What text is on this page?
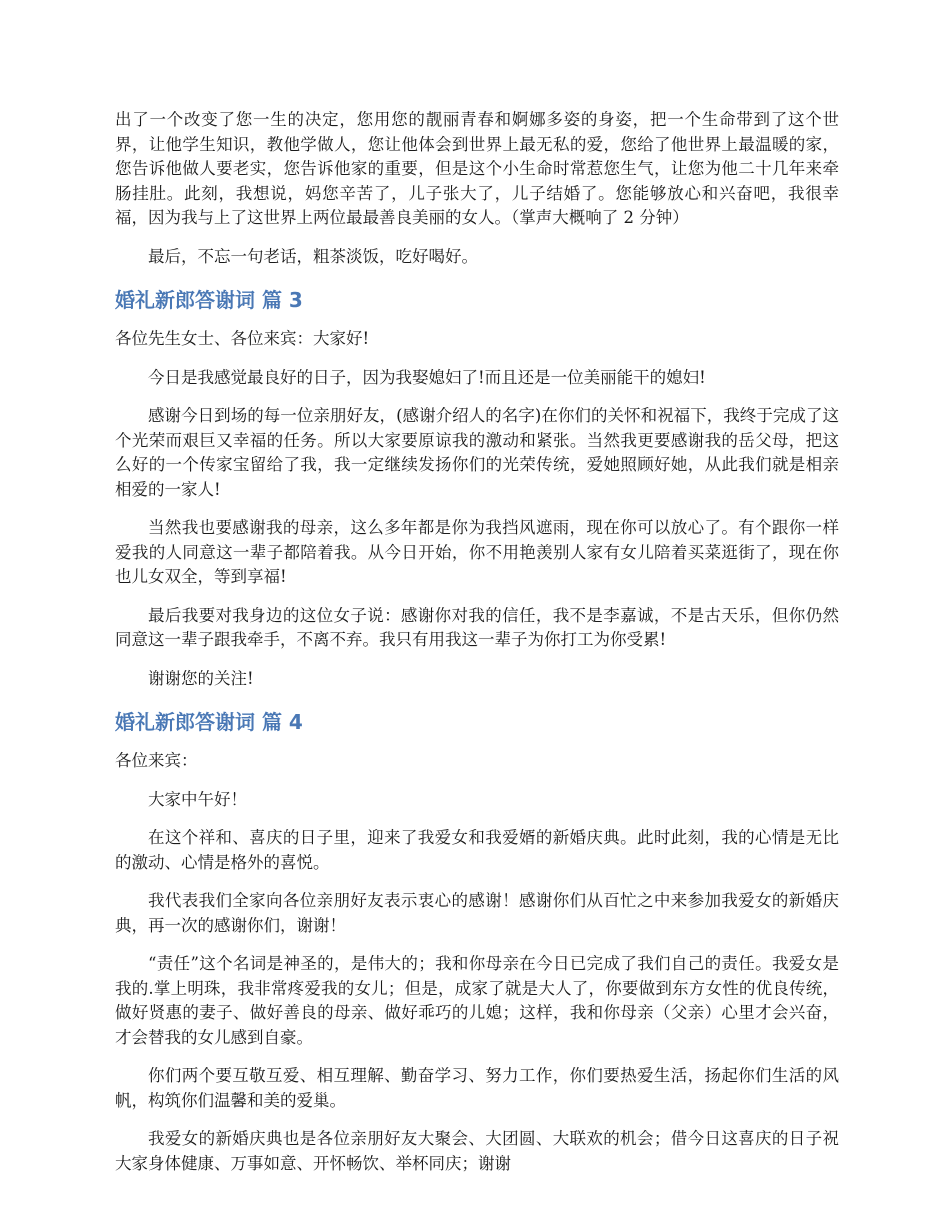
出了一个改变了您一生的决定，您用您的靓丽青春和婀娜多姿的身姿，把一个生命带到了这个世界，让他学生知识，教他学做人，您让他体会到世界上最无私的爱，您给了他世界上最温暖的家，您告诉他做人要老实，您告诉他家的重要，但是这个小生命时常惹您生气，让您为他二十几年来牵肠挂肚。此刻，我想说，妈您辛苦了，儿子张大了，儿子结婚了。您能够放心和兴奋吧，我很幸福，因为我与上了这世界上两位最最善良美丽的女人。（掌声大概响了 2 分钟）

最后，不忘一句老话，粗茶淡饭，吃好喝好。

婚礼新郎答谢词 篇 3

各位先生女士、各位来宾：大家好!

今日是我感觉最良好的日子，因为我娶媳妇了!而且还是一位美丽能干的媳妇!

感谢今日到场的每一位亲朋好友，(感谢介绍人的名字)在你们的关怀和祝福下，我终于完成了这个光荣而艰巨又幸福的任务。所以大家要原谅我的激动和紧张。当然我更要感谢我的岳父母，把这么好的一个传家宝留给了我，我一定继续发扬你们的光荣传统，爱她照顾好她，从此我们就是相亲相爱的一家人!

当然我也要感谢我的母亲，这么多年都是你为我挡风遮雨，现在你可以放心了。有个跟你一样爱我的人同意这一辈子都陪着我。从今日开始，你不用艳羡别人家有女儿陪着买菜逛街了，现在你也儿女双全，等到享福!

最后我要对我身边的这位女子说：感谢你对我的信任，我不是李嘉诚，不是古天乐，但你仍然同意这一辈子跟我牵手，不离不弃。我只有用我这一辈子为你打工为你受累!

谢谢您的关注!

婚礼新郎答谢词 篇 4

各位来宾：

大家中午好！

在这个祥和、喜庆的日子里，迎来了我爱女和我爱婿的新婚庆典。此时此刻，我的心情是无比的激动、心情是格外的喜悦。

我代表我们全家向各位亲朋好友表示衷心的感谢！感谢你们从百忙之中来参加我爱女的新婚庆典，再一次的感谢你们，谢谢！

“责任”这个名词是神圣的，是伟大的；我和你母亲在今日已完成了我们自己的责任。我爱女是我的.掌上明珠，我非常疼爱我的女儿；但是，成家了就是大人了，你要做到东方女性的优良传统，做好贤惠的妻子、做好善良的母亲、做好乖巧的儿媳；这样，我和你母亲（父亲）心里才会兴奋，才会替我的女儿感到自豪。

你们两个要互敬互爱、相互理解、勤奋学习、努力工作，你们要热爱生活，扬起你们生活的风帆，构筑你们温馨和美的爱巢。

我爱女的新婚庆典也是各位亲朋好友大聚会、大团圆、大联欢的机会；借今日这喜庆的日子祝大家身体健康、万事如意、开怀畅饮、举杯同庆；谢谢
